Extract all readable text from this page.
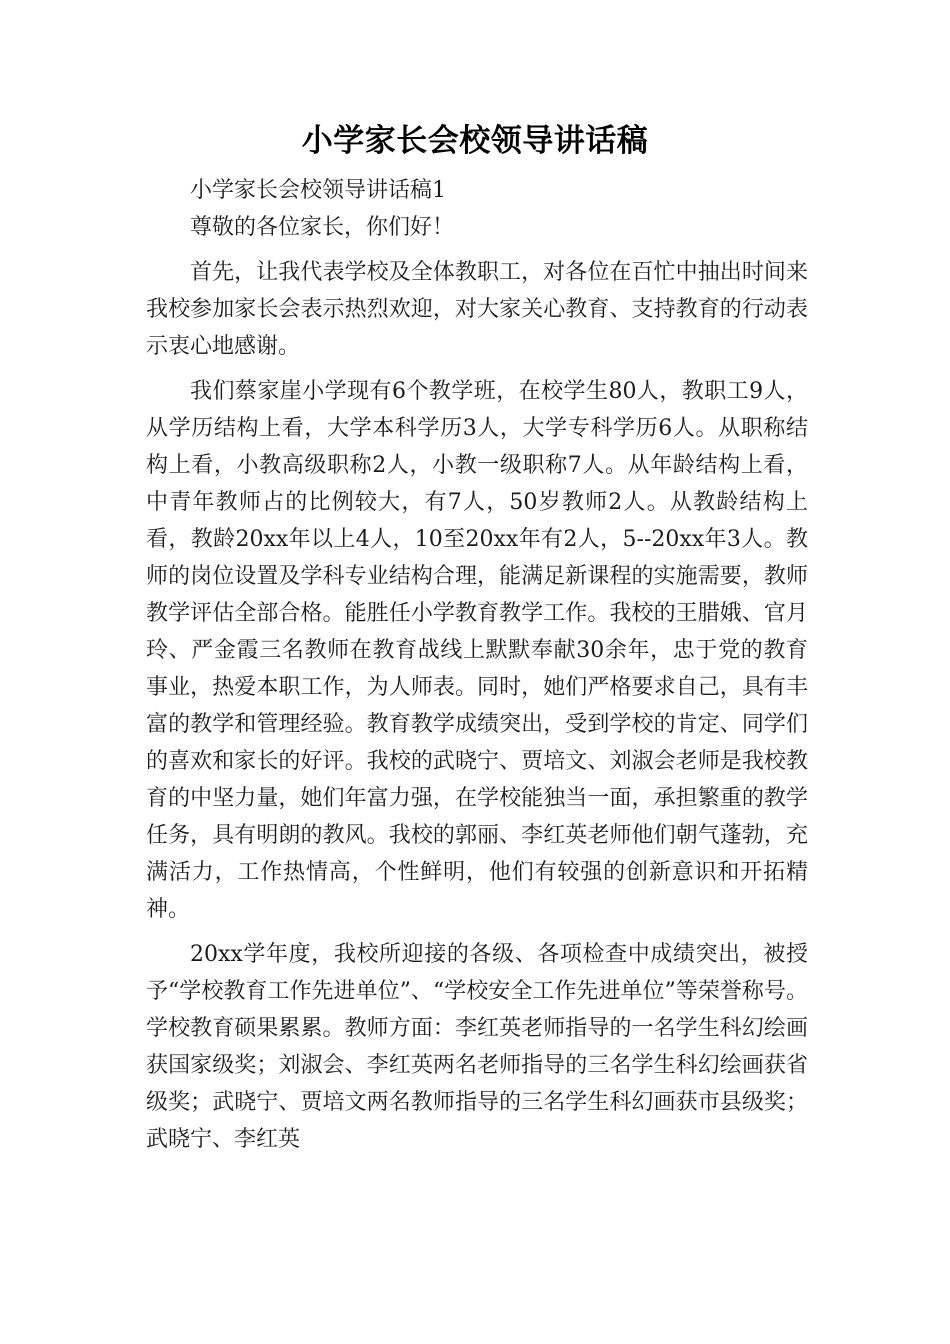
小学家长会校领导讲话稿

小学家长会校领导讲话稿1

尊敬的各位家长，你们好！

首先，让我代表学校及全体教职工，对各位在百忙中抽出时间来我校参加家长会表示热烈欢迎，对大家关心教育、支持教育的行动表示衷心地感谢。

我们蔡家崖小学现有6个教学班，在校学生80人，教职工9人，从学历结构上看，大学本科学历3人，大学专科学历6人。从职称结构上看，小教高级职称2人，小教一级职称7人。从年龄结构上看，中青年教师占的比例较大，有7人，50岁教师2人。从教龄结构上看，教龄20xx年以上4人，10至20xx年有2人，5--20xx年3人。教师的岗位设置及学科专业结构合理，能满足新课程的实施需要，教师教学评估全部合格。能胜任小学教育教学工作。我校的王腊娥、官月玲、严金霞三名教师在教育战线上默默奉献30余年，忠于党的教育事业，热爱本职工作，为人师表。同时，她们严格要求自己，具有丰富的教学和管理经验。教育教学成绩突出，受到学校的肯定、同学们的喜欢和家长的好评。我校的武晓宁、贾培文、刘淑会老师是我校教育的中坚力量，她们年富力强，在学校能独当一面，承担繁重的教学任务，具有明朗的教风。我校的郭丽、李红英老师他们朝气蓬勃，充满活力，工作热情高，个性鲜明，他们有较强的创新意识和开拓精神。

20xx学年度，我校所迎接的各级、各项检查中成绩突出，被授予“学校教育工作先进单位”、“学校安全工作先进单位”等荣誉称号。学校教育硕果累累。教师方面：李红英老师指导的一名学生科幻绘画获国家级奖；刘淑会、李红英两名老师指导的三名学生科幻绘画获省级奖；武晓宁、贾培文两名教师指导的三名学生科幻画获市县级奖；武晓宁、李红英
